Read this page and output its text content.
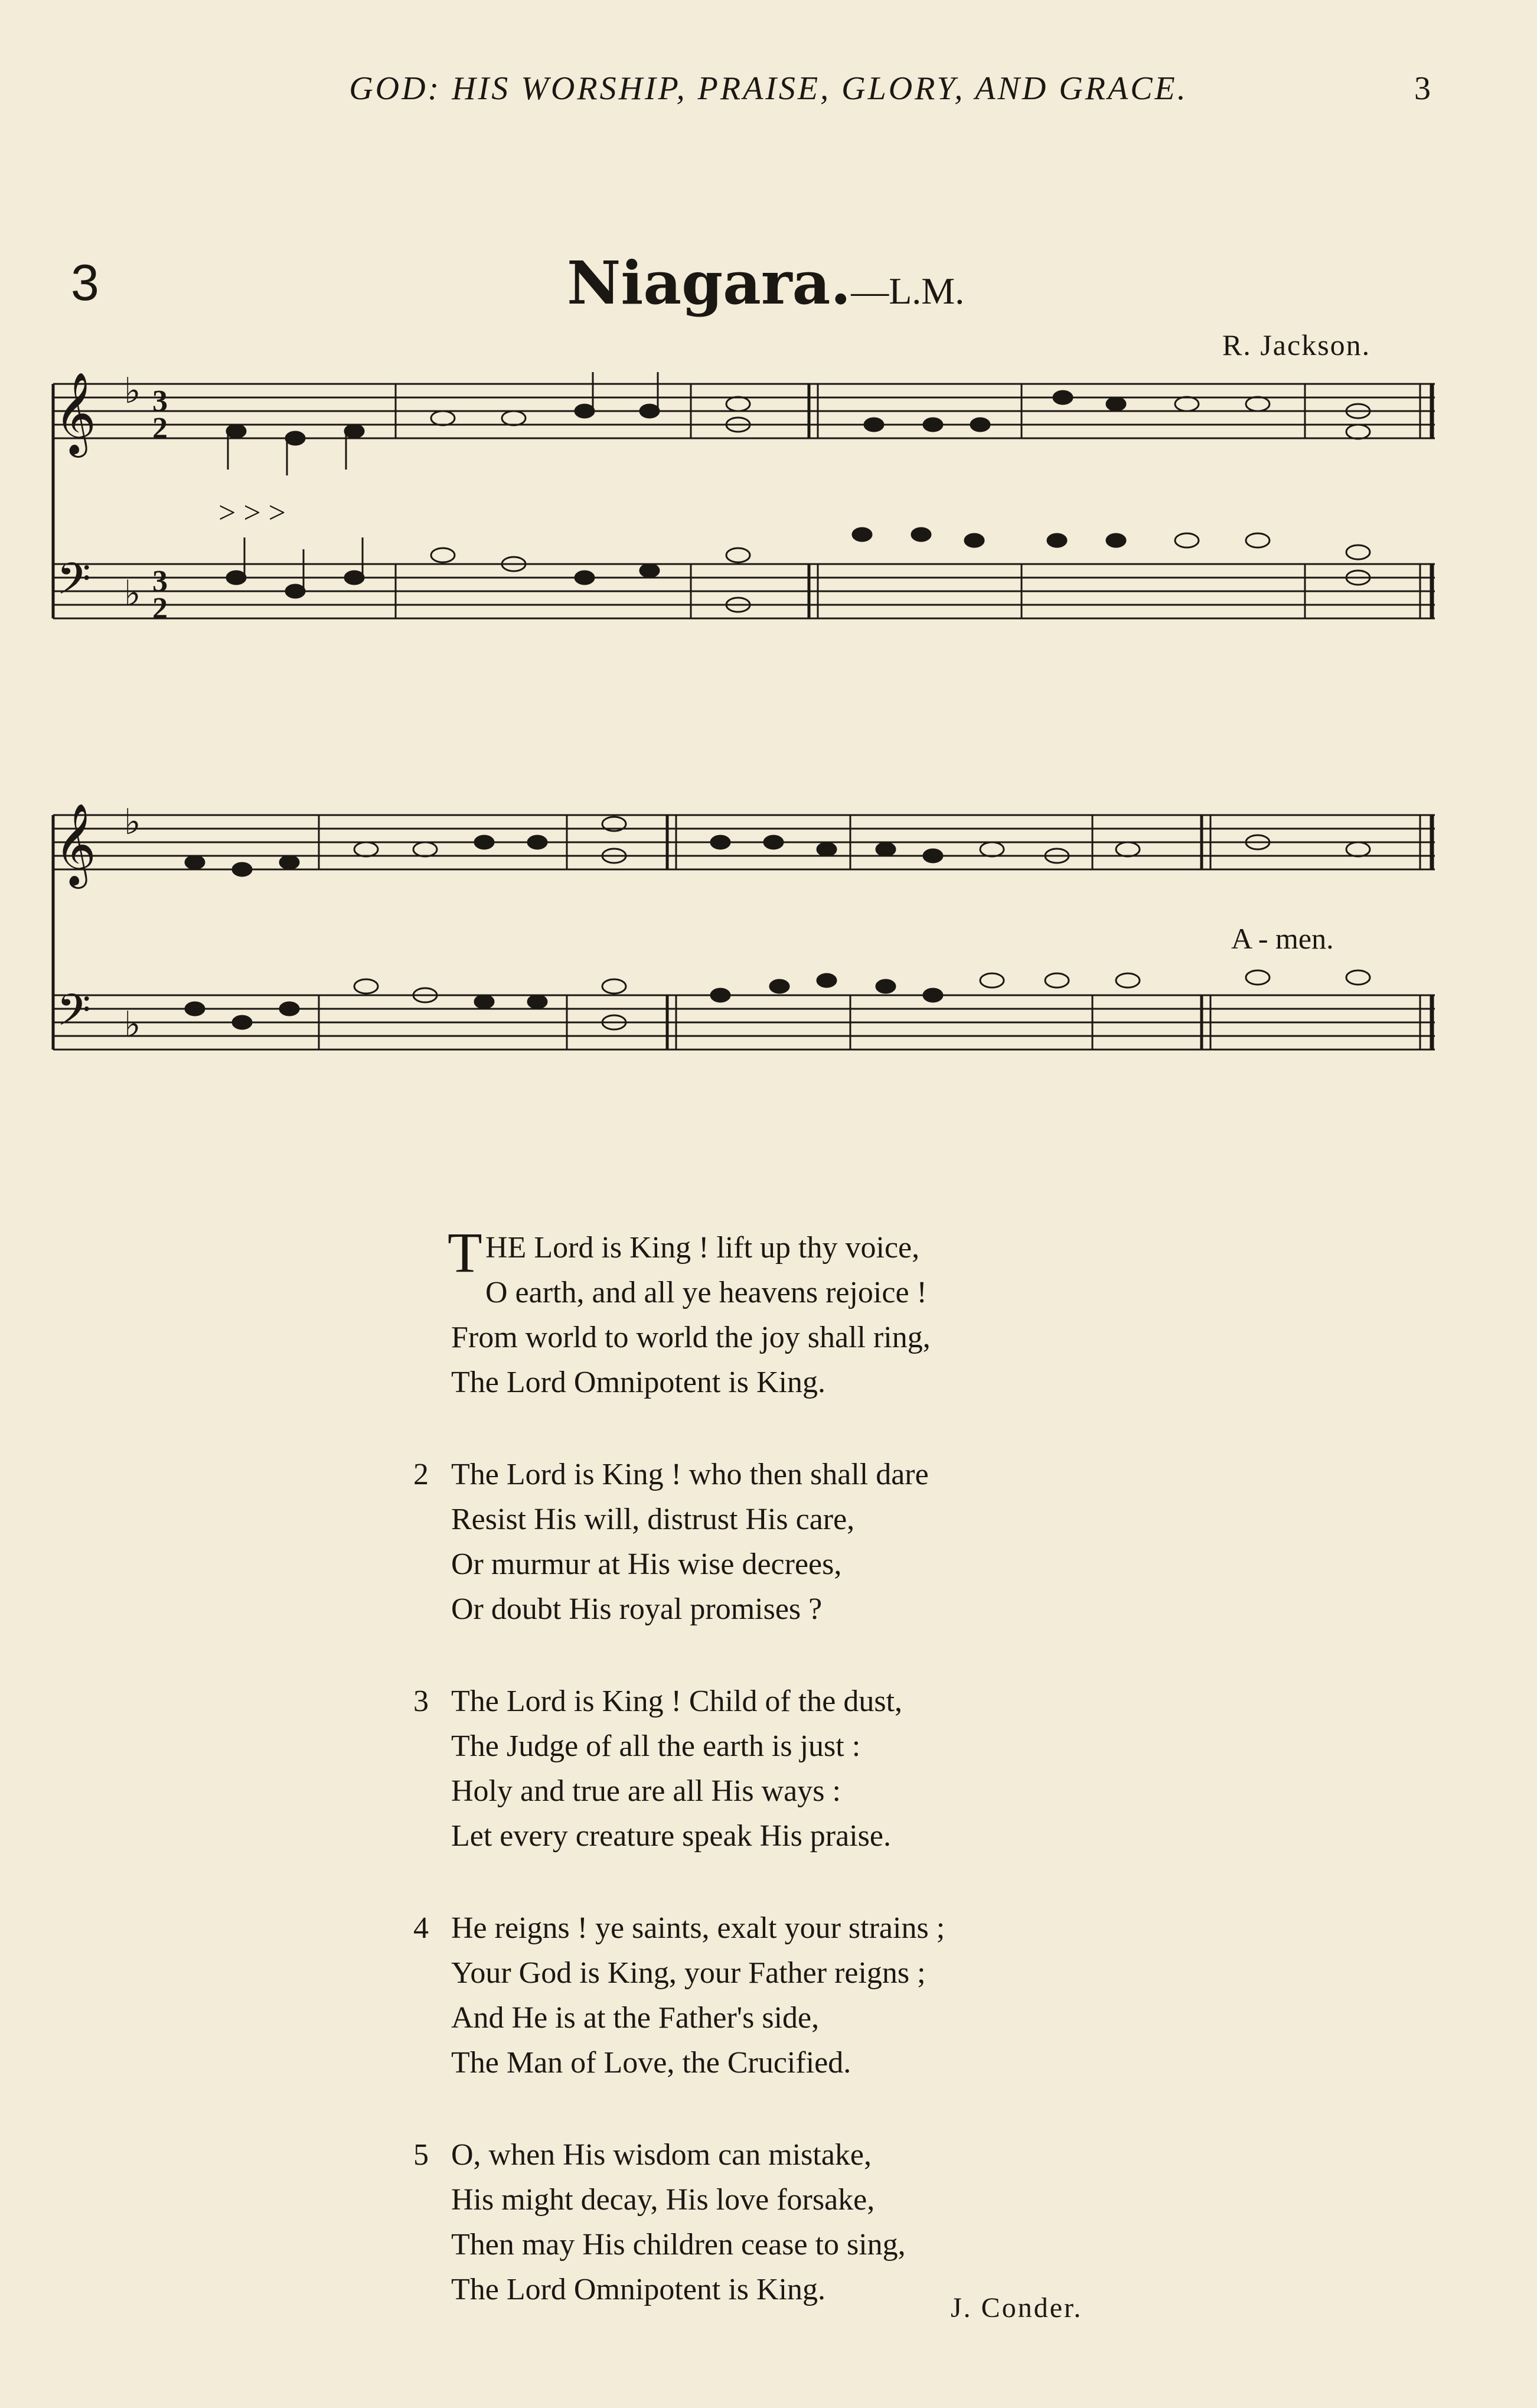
GOD: HIS WORSHIP, PRAISE, GLORY, AND GRACE.	3
3	Niagara.—L.M.
R. Jackson.
𝄞
𝄢
♭
♭
3
2
3
2
> > >
𝄞
𝄢
♭
♭
A - men.
T HE Lord is King ! lift up thy voice,
O earth, and all ye heavens rejoice !
From world to world the joy shall ring,
The Lord Omnipotent is King.
2 The Lord is King ! who then shall dare
Resist His will, distrust His care,
Or murmur at His wise decrees,
Or doubt His royal promises ?
3 The Lord is King ! Child of the dust,
The Judge of all the earth is just :
Holy and true are all His ways :
Let every creature speak His praise.
4 He reigns ! ye saints, exalt your strains ;
Your God is King, your Father reigns ;
And He is at the Father's side,
The Man of Love, the Crucified.
5 O, when His wisdom can mistake,
His might decay, His love forsake,
Then may His children cease to sing,
The Lord Omnipotent is King.
J. Conder.
